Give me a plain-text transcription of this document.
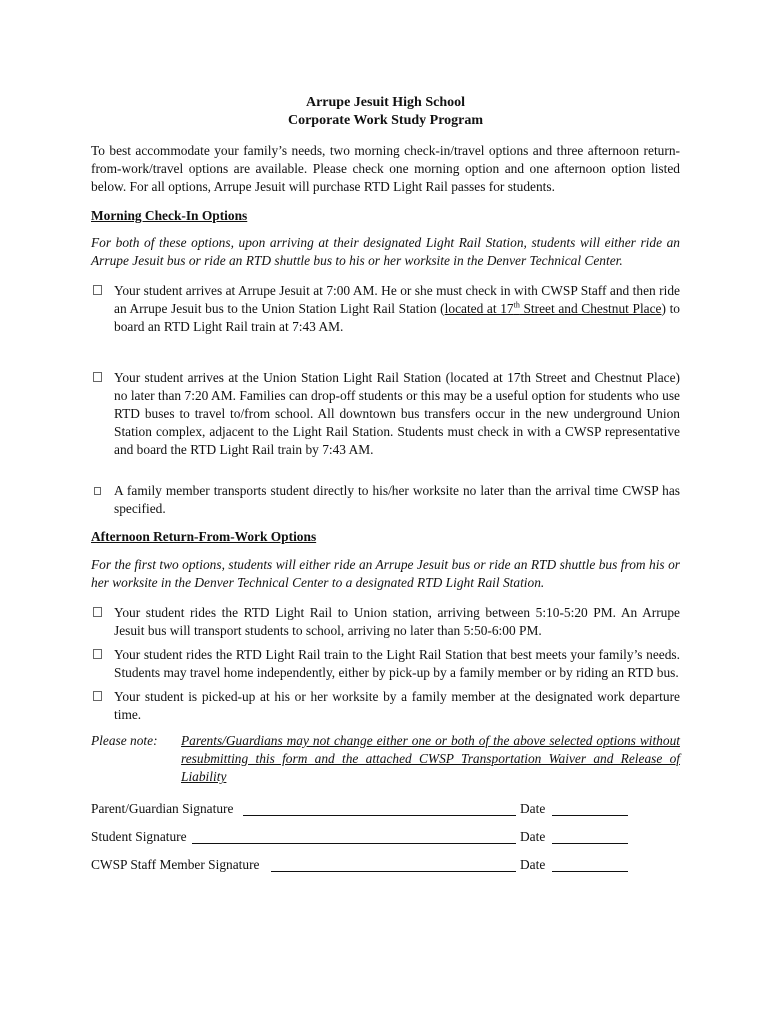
Arrupe Jesuit High School
Corporate Work Study Program
To best accommodate your family’s needs, two morning check-in/travel options and three afternoon return-from-work/travel options are available. Please check one morning option and one afternoon option listed below. For all options, Arrupe Jesuit will purchase RTD Light Rail passes for students.
Morning Check-In Options
For both of these options, upon arriving at their designated Light Rail Station, students will either ride an Arrupe Jesuit bus or ride an RTD shuttle bus to his or her worksite in the Denver Technical Center.
Your student arrives at Arrupe Jesuit at 7:00 AM. He or she must check in with CWSP Staff and then ride an Arrupe Jesuit bus to the Union Station Light Rail Station (located at 17th Street and Chestnut Place) to board an RTD Light Rail train at 7:43 AM.
Your student arrives at the Union Station Light Rail Station (located at 17th Street and Chestnut Place) no later than 7:20 AM. Families can drop-off students or this may be a useful option for students who use RTD buses to travel to/from school. All downtown bus transfers occur in the new underground Union Station complex, adjacent to the Light Rail Station. Students must check in with a CWSP representative and board the RTD Light Rail train by 7:43 AM.
A family member transports student directly to his/her worksite no later than the arrival time CWSP has specified.
Afternoon Return-From-Work Options
For the first two options, students will either ride an Arrupe Jesuit bus or ride an RTD shuttle bus from his or her worksite in the Denver Technical Center to a designated RTD Light Rail Station.
Your student rides the RTD Light Rail to Union station, arriving between 5:10-5:20 PM. An Arrupe Jesuit bus will transport students to school, arriving no later than 5:50-6:00 PM.
Your student rides the RTD Light Rail train to the Light Rail Station that best meets your family’s needs. Students may travel home independently, either by pick-up by a family member or by riding an RTD bus.
Your student is picked-up at his or her worksite by a family member at the designated work departure time.
Please note:	Parents/Guardians may not change either one or both of the above selected options without resubmitting this form and the attached CWSP Transportation Waiver and Release of Liability
Parent/Guardian Signature	Date
Student Signature	Date
CWSP Staff Member Signature	Date
